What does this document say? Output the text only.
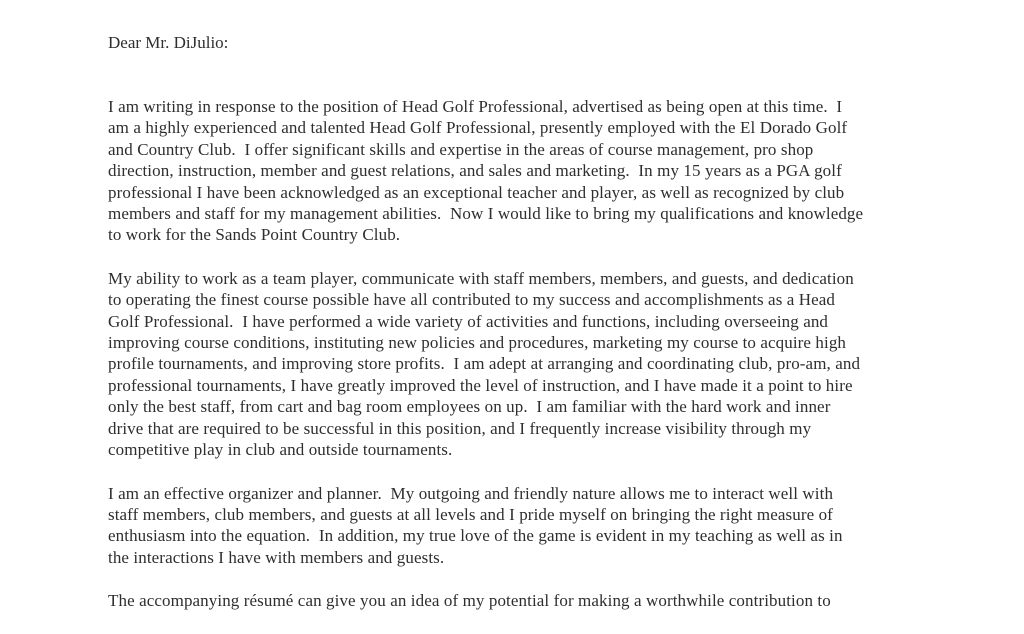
Dear Mr. DiJulio:
I am writing in response to the position of Head Golf Professional, advertised as being open at this time.  I
am a highly experienced and talented Head Golf Professional, presently employed with the El Dorado Golf
and Country Club.  I offer significant skills and expertise in the areas of course management, pro shop
direction, instruction, member and guest relations, and sales and marketing.  In my 15 years as a PGA golf
professional I have been acknowledged as an exceptional teacher and player, as well as recognized by club
members and staff for my management abilities.  Now I would like to bring my qualifications and knowledge
to work for the Sands Point Country Club.
My ability to work as a team player, communicate with staff members, members, and guests, and dedication
to operating the finest course possible have all contributed to my success and accomplishments as a Head
Golf Professional.  I have performed a wide variety of activities and functions, including overseeing and
improving course conditions, instituting new policies and procedures, marketing my course to acquire high
profile tournaments, and improving store profits.  I am adept at arranging and coordinating club, pro-am, and
professional tournaments, I have greatly improved the level of instruction, and I have made it a point to hire
only the best staff, from cart and bag room employees on up.  I am familiar with the hard work and inner
drive that are required to be successful in this position, and I frequently increase visibility through my
competitive play in club and outside tournaments.
I am an effective organizer and planner.  My outgoing and friendly nature allows me to interact well with
staff members, club members, and guests at all levels and I pride myself on bringing the right measure of
enthusiasm into the equation.  In addition, my true love of the game is evident in my teaching as well as in
the interactions I have with members and guests.
The accompanying résumé can give you an idea of my potential for making a worthwhile contribution to
